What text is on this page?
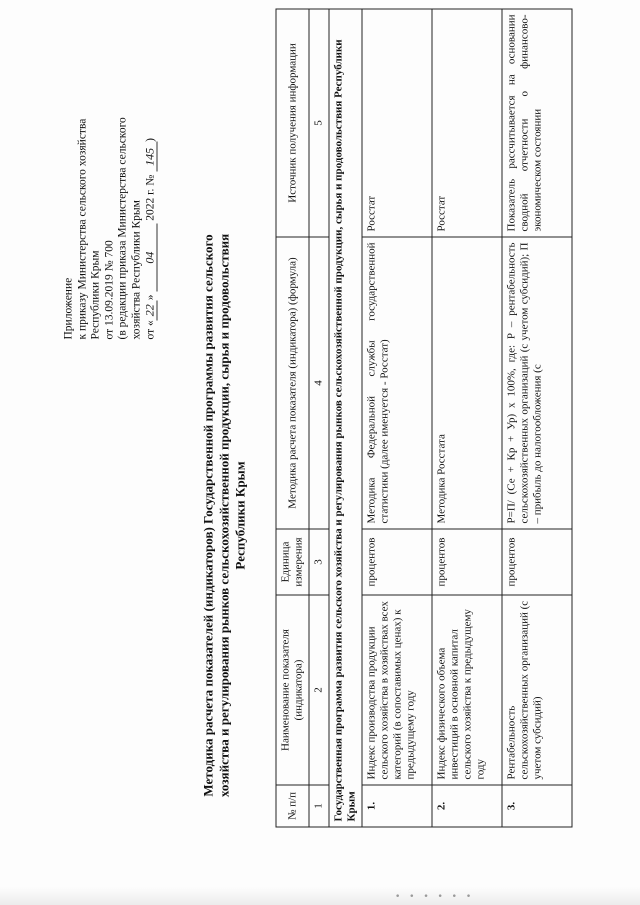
Приложение к приказу Министерства сельского хозяйства Республики Крым от 13.09.2019 № 700 (в редакции приказа Министерства сельского хозяйства Республики Крым от «22» 04 2022 г. № 145)
Методика расчета показателей (индикаторов) Государственной программы развития сельского хозяйства и регулирования рынков сельскохозяйственной продукции, сырья и продовольствия Республики Крым
№ п/п	Наименование показателя (индикатора)	Единица измерения	Методика расчета показателя (индикатора) (формула)	Источник получения информации
1	2	3	4	5
Государственная программа развития сельского хозяйства и регулирования рынков сельскохозяйственной продукции, сырья и продовольствия Республики Крым				
1.	Индекс производства продукции сельского хозяйства в хозяйствах всех категорий (в сопоставимых ценах) к предыдущему году	процентов	Методика Федеральной службы государственной статистики (далее именуется - Росстат)	Росстат
2.	Индекс физического объема инвестиций в основной капитал сельского хозяйства к предыдущему году	процентов	Методика Росстата	Росстат
3.	Рентабельность сельскохозяйственных организаций (с учетом субсидий)	процентов	Р=П/ (Се + Кр + Ур) х 100%, где: Р – рентабельность сельскохозяйственных организаций (с учетом субсидий); П – прибыль до налогообложения (с	Показатель рассчитывается на основании сводной отчетности о финансово-экономическом состоянии
• • • • • •
